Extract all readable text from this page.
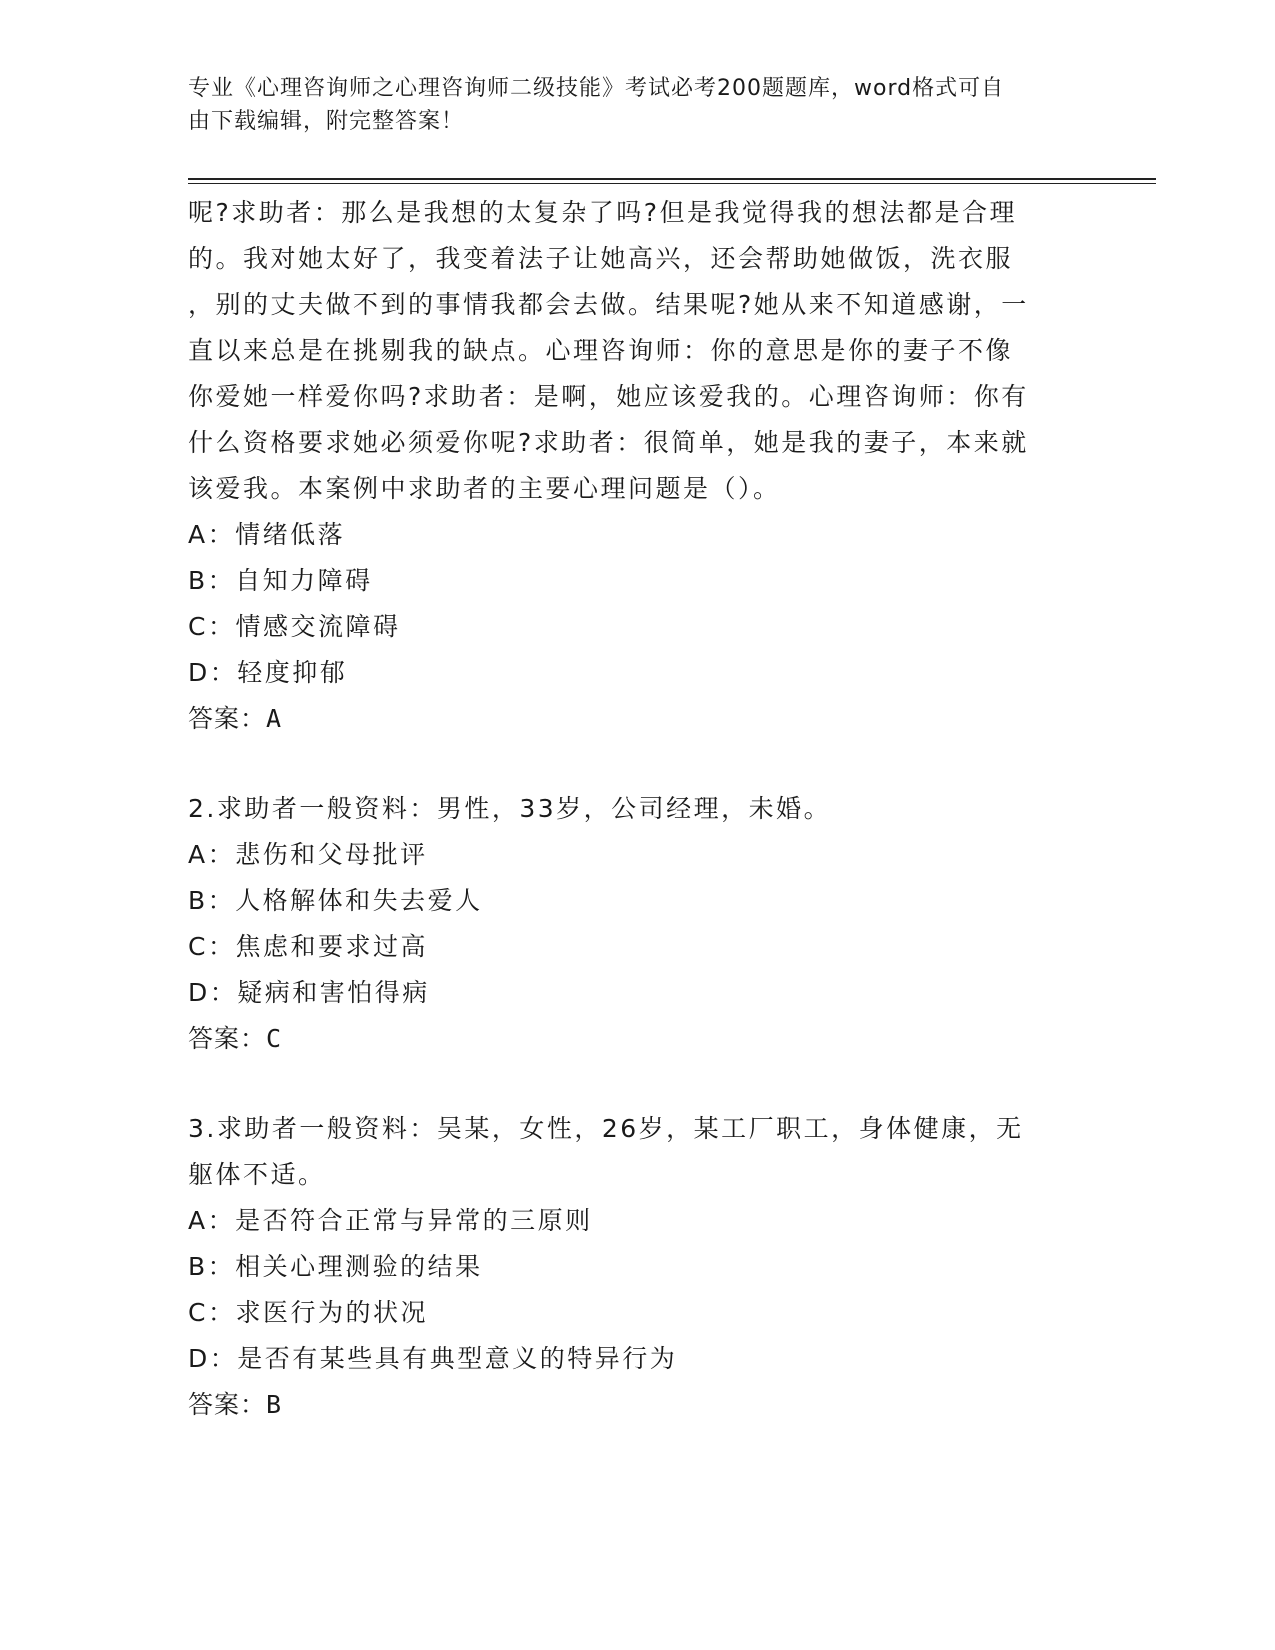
专业《心理咨询师之心理咨询师二级技能》考试必考200题题库，word格式可自
由下载编辑，附完整答案！
呢?求助者：那么是我想的太复杂了吗?但是我觉得我的想法都是合理
的。我对她太好了，我变着法子让她高兴，还会帮助她做饭，洗衣服
，别的丈夫做不到的事情我都会去做。结果呢?她从来不知道感谢，一
直以来总是在挑剔我的缺点。心理咨询师：你的意思是你的妻子不像
你爱她一样爱你吗?求助者：是啊，她应该爱我的。心理咨询师：你有
什么资格要求她必须爱你呢?求助者：很简单，她是我的妻子，本来就
该爱我。本案例中求助者的主要心理问题是（）。
A：情绪低落
B：自知力障碍
C：情感交流障碍
D：轻度抑郁
答案：A
2.求助者一般资料：男性，33岁，公司经理，未婚。
A：悲伤和父母批评
B：人格解体和失去爱人
C：焦虑和要求过高
D：疑病和害怕得病
答案：C
3.求助者一般资料：吴某，女性，26岁，某工厂职工，身体健康，无
躯体不适。
A：是否符合正常与异常的三原则
B：相关心理测验的结果
C：求医行为的状况
D：是否有某些具有典型意义的特异行为
答案：B
